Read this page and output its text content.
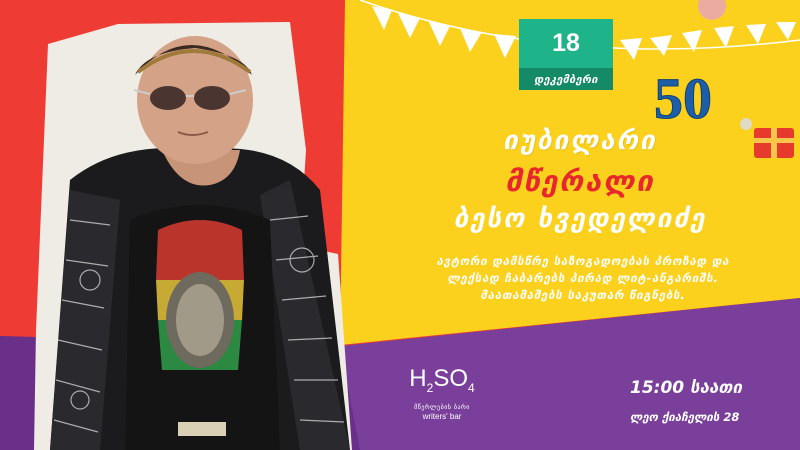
18
დეკემბერი 50
იუბილარი
მწერალი
ბესო ხვედელიძე
ავტორი დამსწრე საზოგადოებას პროზად და
ლექსად ჩაბარებს პირად ლიტ-ანგარიშს.
მაათამაშებს საკუთარ წიგნებს.
$H_2SO_4$
მწერლების ბარი
writers' bar
15:00 საათი
ლეო ქიაჩელის 28
